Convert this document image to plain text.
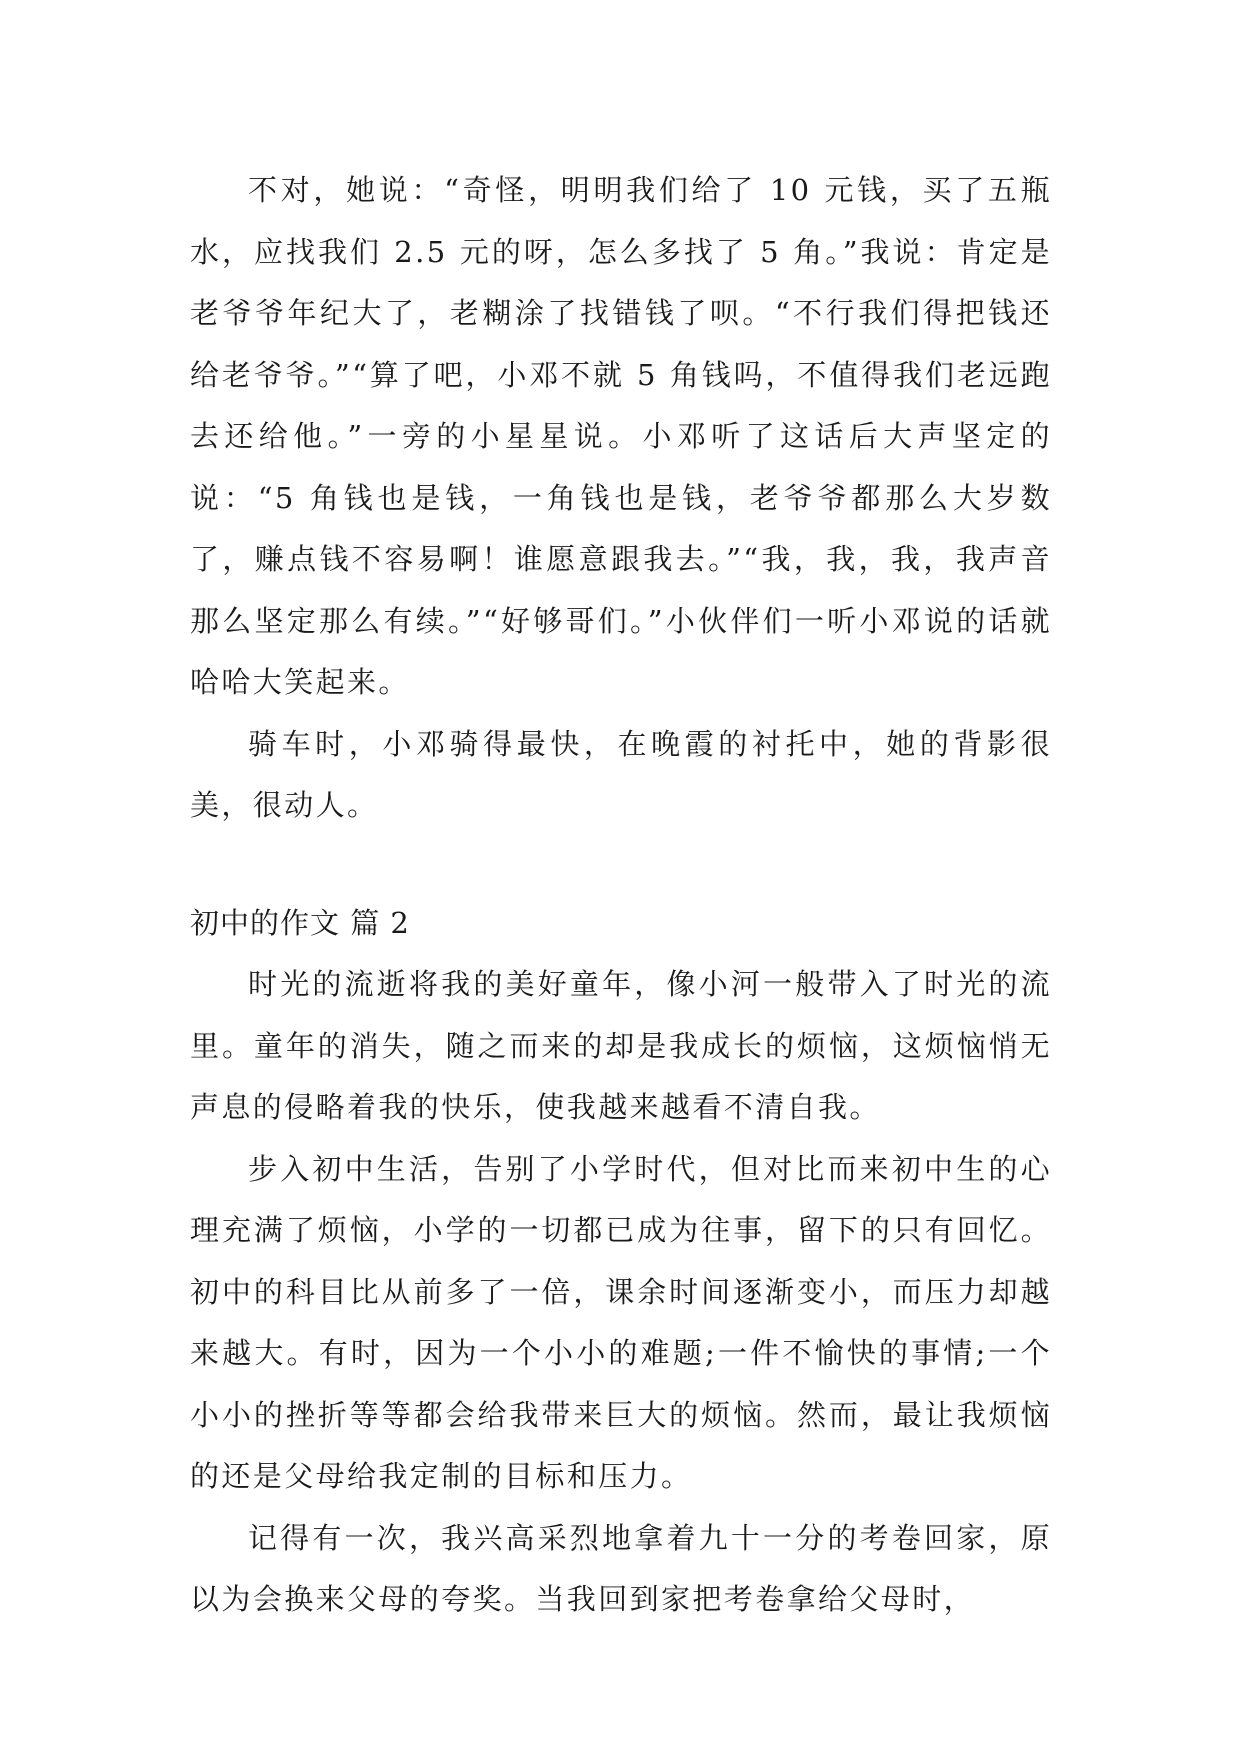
不对，她说：“奇怪，明明我们给了 10 元钱，买了五瓶水，应找我们 2.5 元的呀，怎么多找了 5 角。”我说：肯定是老爷爷年纪大了，老糊涂了找错钱了呗。“不行我们得把钱还给老爷爷。”“算了吧，小邓不就 5 角钱吗，不值得我们老远跑去还给他。”一旁的小星星说。小邓听了这话后大声坚定的说：“5 角钱也是钱，一角钱也是钱，老爷爷都那么大岁数了，赚点钱不容易啊！谁愿意跟我去。”“我，我，我，我声音那么坚定那么有续。”“好够哥们。”小伙伴们一听小邓说的话就哈哈大笑起来。

骑车时，小邓骑得最快，在晚霞的衬托中，她的背影很美，很动人。

初中的作文 篇 2

时光的流逝将我的美好童年，像小河一般带入了时光的流里。童年的消失，随之而来的却是我成长的烦恼，这烦恼悄无声息的侵略着我的快乐，使我越来越看不清自我。

步入初中生活，告别了小学时代，但对比而来初中生的心理充满了烦恼，小学的一切都已成为往事，留下的只有回忆。初中的科目比从前多了一倍，课余时间逐渐变小，而压力却越来越大。有时，因为一个小小的难题;一件不愉快的事情;一个小小的挫折等等都会给我带来巨大的烦恼。然而，最让我烦恼的还是父母给我定制的目标和压力。

记得有一次，我兴高采烈地拿着九十一分的考卷回家，原以为会换来父母的夸奖。当我回到家把考卷拿给父母时，
